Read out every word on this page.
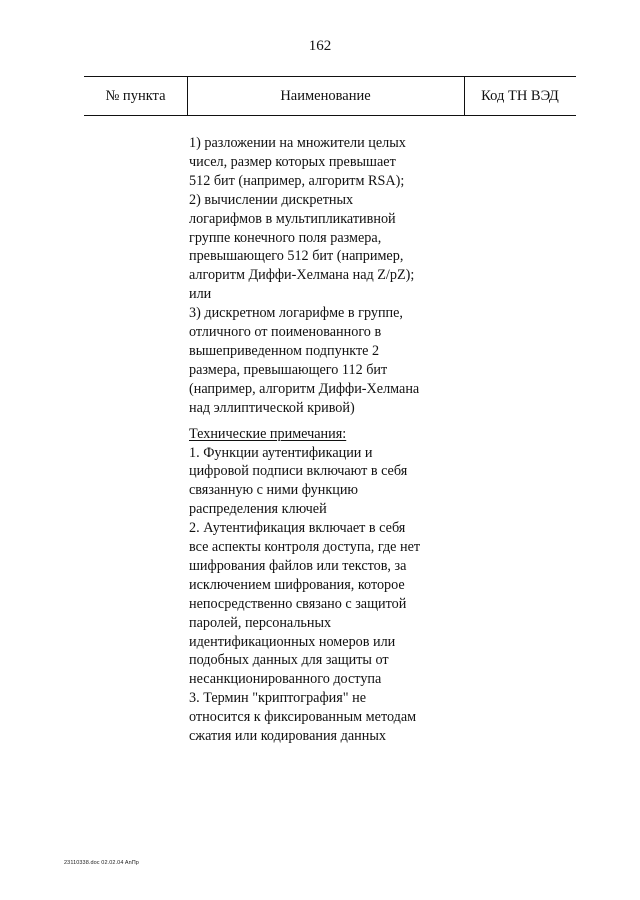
162
№ пункта	Наименование	Код ТН ВЭД
1) разложении на множители целых
чисел, размер которых превышает
512 бит (например, алгоритм RSA);
2) вычислении дискретных
логарифмов в мультипликативной
группе конечного поля размера,
превышающего 512 бит (например,
алгоритм Диффи-Хелмана над Z/pZ);
или
3) дискретном логарифме в группе,
отличного от поименованного в
вышеприведенном подпункте 2
размера, превышающего 112 бит
(например, алгоритм Диффи-Хелмана
над эллиптической кривой)
Технические примечания:
1. Функции аутентификации и
цифровой подписи включают в себя
связанную с ними функцию
распределения ключей
2. Аутентификация включает в себя
все аспекты контроля доступа, где нет
шифрования файлов или текстов, за
исключением шифрования, которое
непосредственно связано с защитой
паролей, персональных
идентификационных номеров или
подобных данных для защиты от
несанкционированного доступа
3. Термин "криптография" не
относится к фиксированным методам
сжатия или кодирования данных
23110338.doc 02.02.04 AnПр
